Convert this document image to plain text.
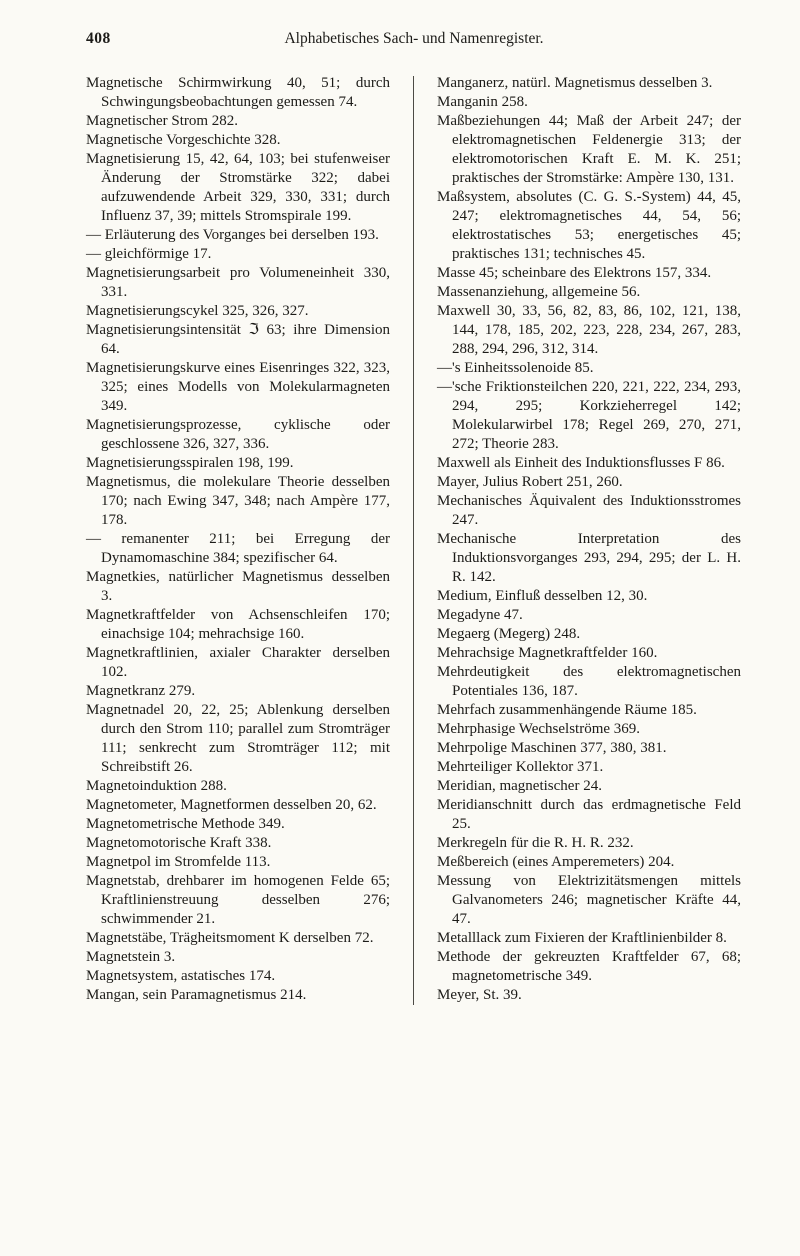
408	Alphabetisches Sach- und Namenregister.
Magnetische Schirmwirkung 40, 51; durch Schwingungsbeobachtungen gemessen 74.
Magnetischer Strom 282.
Magnetische Vorgeschichte 328.
Magnetisierung 15, 42, 64, 103; bei stufenweiser Änderung der Stromstärke 322; dabei aufzuwendende Arbeit 329, 330, 331; durch Influenz 37, 39; mittels Stromspirale 199.
— Erläuterung des Vorganges bei derselben 193.
— gleichförmige 17.
Magnetisierungsarbeit pro Volumeneinheit 330, 331.
Magnetisierungscykel 325, 326, 327.
Magnetisierungsintensität ℑ 63; ihre Dimension 64.
Magnetisierungskurve eines Eisenringes 322, 323, 325; eines Modells von Molekularmagneten 349.
Magnetisierungsprozesse, cyklische oder geschlossene 326, 327, 336.
Magnetisierungsspiralen 198, 199.
Magnetismus, die molekulare Theorie desselben 170; nach Ewing 347, 348; nach Ampère 177, 178.
— remanenter 211; bei Erregung der Dynamomaschine 384; spezifischer 64.
Magnetkies, natürlicher Magnetismus desselben 3.
Magnetkraftfelder von Achsenschleifen 170; einachsige 104; mehrachsige 160.
Magnetkraftlinien, axialer Charakter derselben 102.
Magnetkranz 279.
Magnetnadel 20, 22, 25; Ablenkung derselben durch den Strom 110; parallel zum Stromträger 111; senkrecht zum Stromträger 112; mit Schreibstift 26.
Magnetoinduktion 288.
Magnetometer, Magnetformen desselben 20, 62.
Magnetometrische Methode 349.
Magnetomotorische Kraft 338.
Magnetpol im Stromfelde 113.
Magnetstab, drehbarer im homogenen Felde 65; Kraftlinienstreuung desselben 276; schwimmender 21.
Magnetstäbe, Trägheitsmoment K derselben 72.
Magnetstein 3.
Magnetsystem, astatisches 174.
Mangan, sein Paramagnetismus 214.
Manganerz, natürl. Magnetismus desselben 3.
Manganin 258.
Maßbeziehungen 44; Maß der Arbeit 247; der elektromagnetischen Feldenergie 313; der elektromotorischen Kraft E. M. K. 251; praktisches der Stromstärke: Ampère 130, 131.
Maßsystem, absolutes (C. G. S.-System) 44, 45, 247; elektromagnetisches 44, 54, 56; elektrostatisches 53; energetisches 45; praktisches 131; technisches 45.
Masse 45; scheinbare des Elektrons 157, 334.
Massenanziehung, allgemeine 56.
Maxwell 30, 33, 56, 82, 83, 86, 102, 121, 138, 144, 178, 185, 202, 223, 228, 234, 267, 283, 288, 294, 296, 312, 314.
—'s Einheitssolenoide 85.
—'sche Friktionsteilchen 220, 221, 222, 234, 293, 294, 295; Korkzieherregel 142; Molekularwirbel 178; Regel 269, 270, 271, 272; Theorie 283.
Maxwell als Einheit des Induktionsflusses F 86.
Mayer, Julius Robert 251, 260.
Mechanisches Äquivalent des Induktionsstromes 247.
Mechanische Interpretation des Induktionsvorganges 293, 294, 295; der L. H. R. 142.
Medium, Einfluß desselben 12, 30.
Megadyne 47.
Megaerg (Megerg) 248.
Mehrachsige Magnetkraftfelder 160.
Mehrdeutigkeit des elektromagnetischen Potentiales 136, 187.
Mehrfach zusammenhängende Räume 185.
Mehrphasige Wechselströme 369.
Mehrpolige Maschinen 377, 380, 381.
Mehrteiliger Kollektor 371.
Meridian, magnetischer 24.
Meridianschnitt durch das erdmagnetische Feld 25.
Merkregeln für die R. H. R. 232.
Meßbereich (eines Amperemeters) 204.
Messung von Elektrizitätsmengen mittels Galvanometers 246; magnetischer Kräfte 44, 47.
Metalllack zum Fixieren der Kraftlinienbilder 8.
Methode der gekreuzten Kraftfelder 67, 68; magnetometrische 349.
Meyer, St. 39.
